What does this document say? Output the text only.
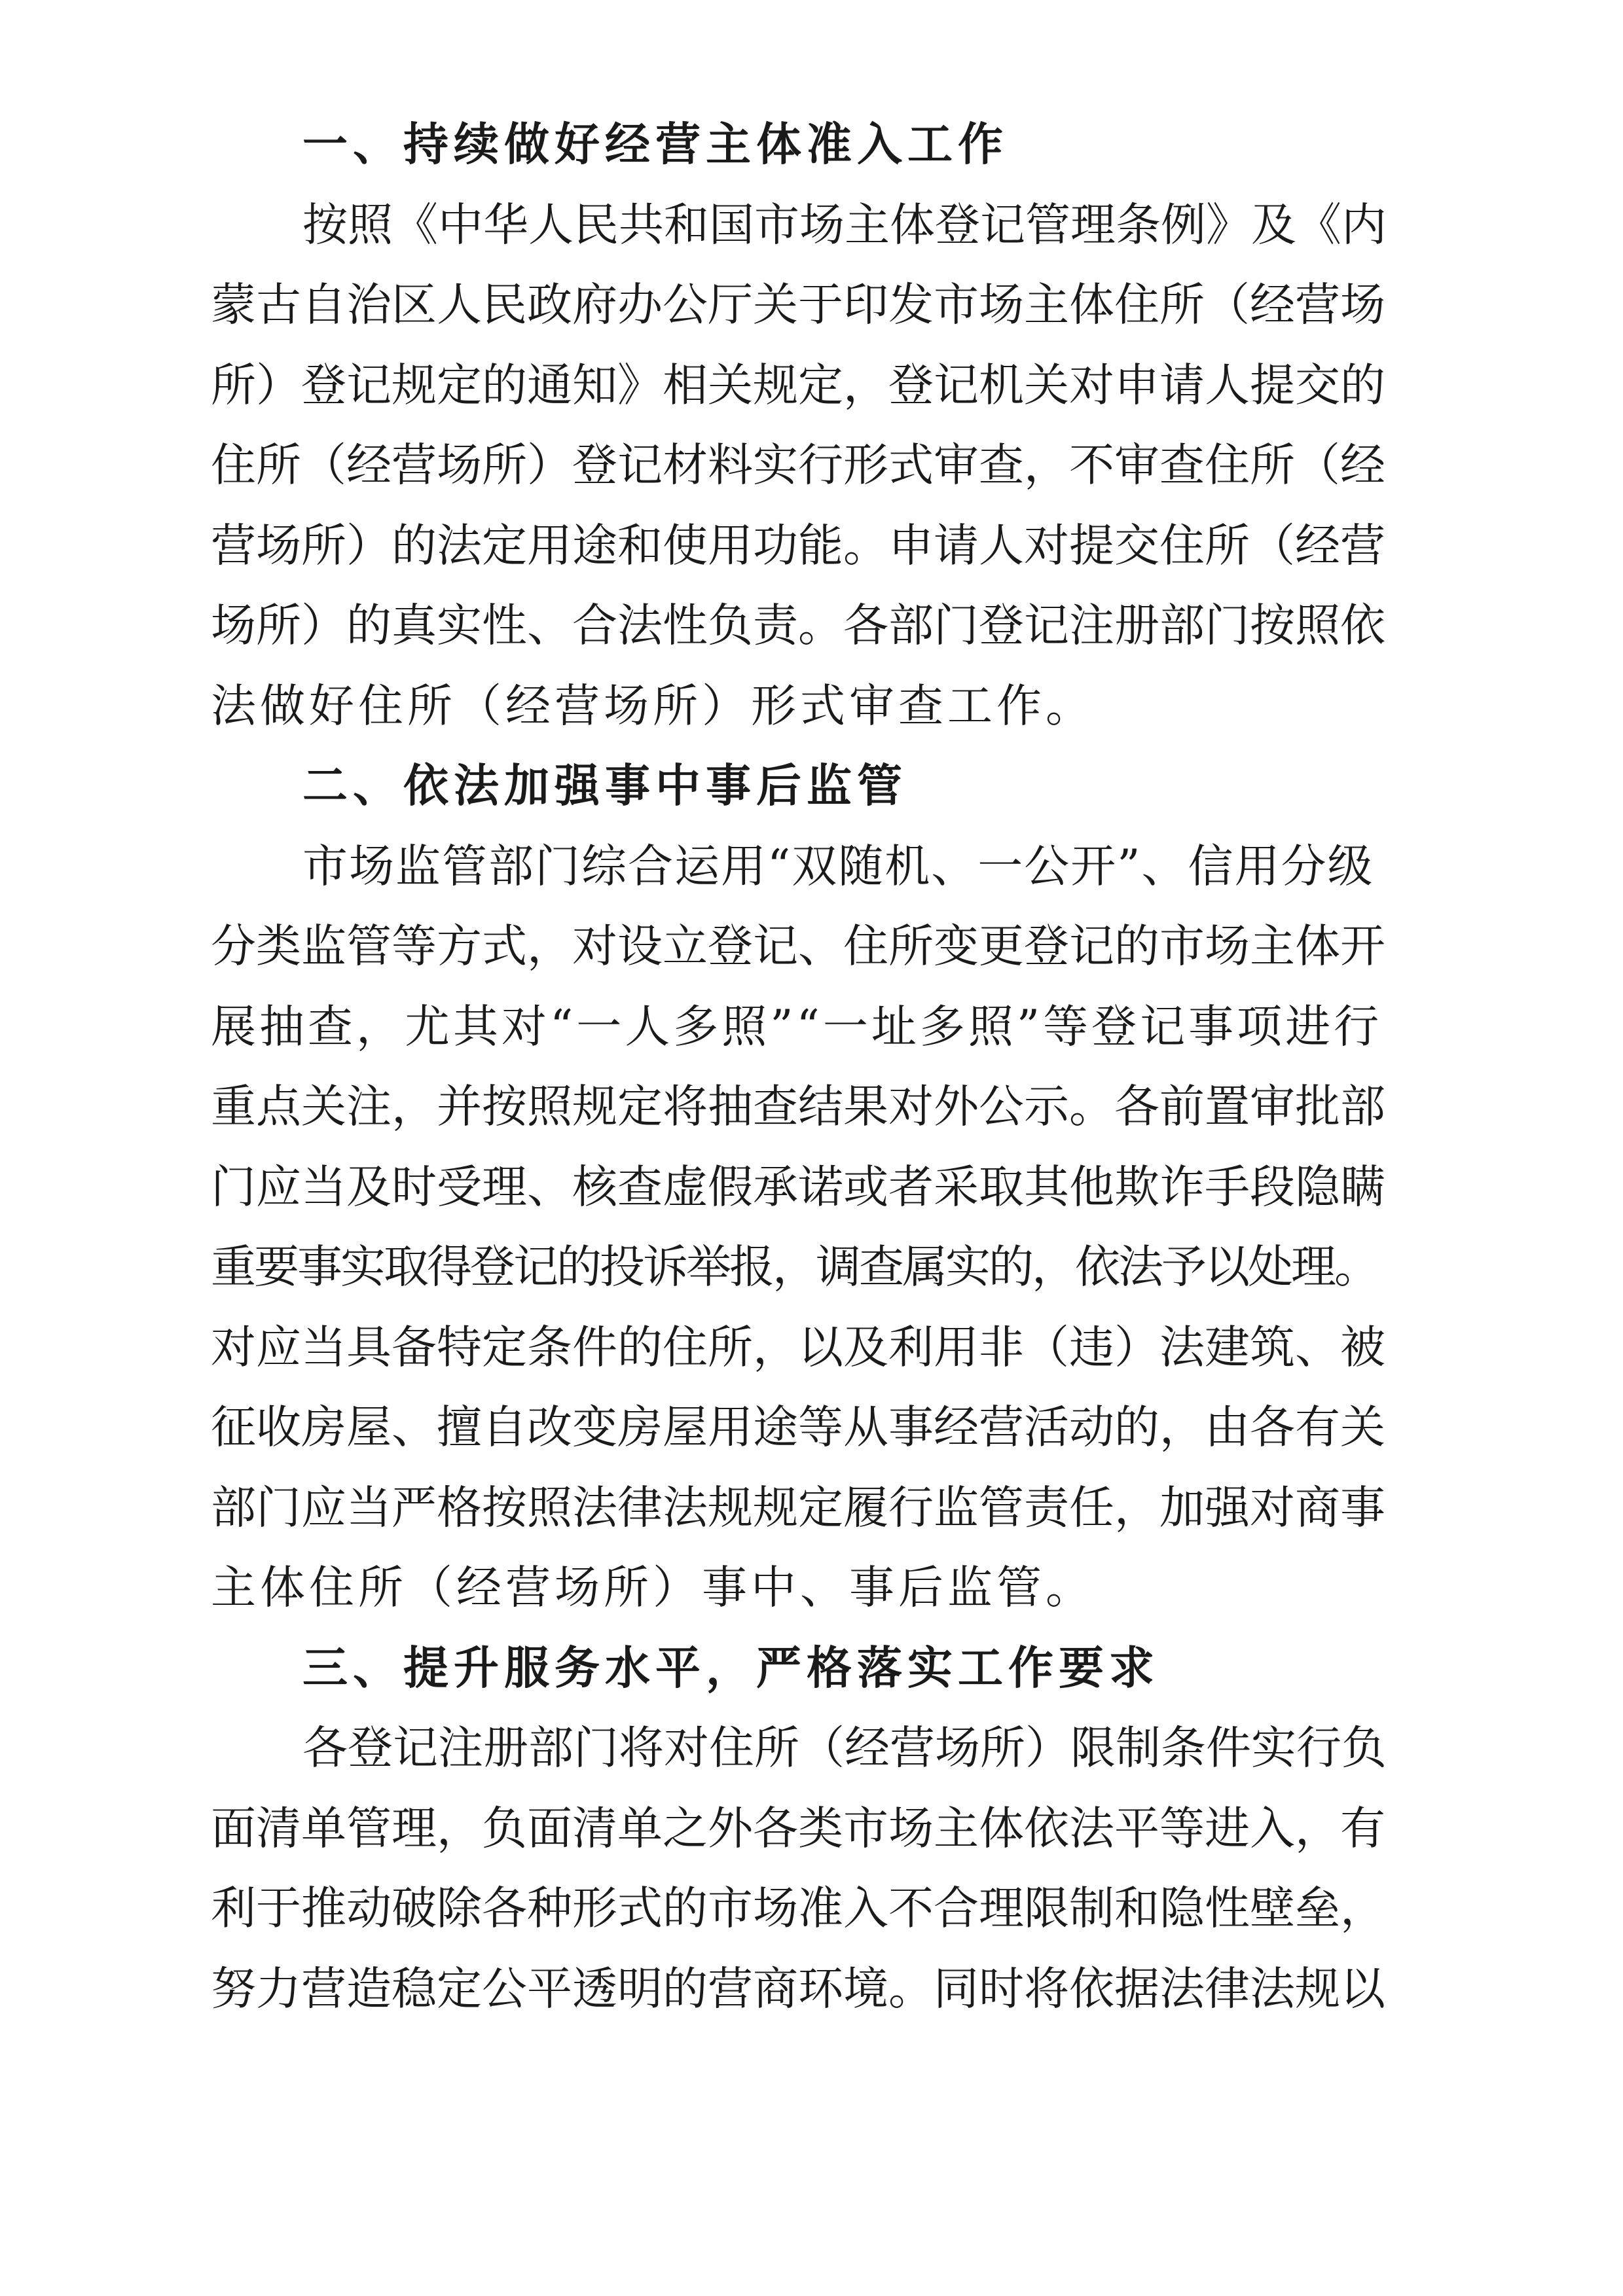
一、持续做好经营主体准入工作
按照《中华人民共和国市场主体登记管理条例》及《内
蒙古自治区人民政府办公厅关于印发市场主体住所（经营场
所）登记规定的通知》相关规定，登记机关对申请人提交的
住所（经营场所）登记材料实行形式审查，不审查住所（经
营场所）的法定用途和使用功能。申请人对提交住所（经营
场所）的真实性、合法性负责。各部门登记注册部门按照依
法做好住所（经营场所）形式审查工作。
二、依法加强事中事后监管
市场监管部门综合运用“双随机、一公开”、信用分级
分类监管等方式，对设立登记、住所变更登记的市场主体开
展抽查，尤其对“一人多照”“一址多照”等登记事项进行
重点关注，并按照规定将抽查结果对外公示。各前置审批部
门应当及时受理、核查虚假承诺或者采取其他欺诈手段隐瞒
重要事实取得登记的投诉举报，调查属实的，依法予以处理。
对应当具备特定条件的住所，以及利用非（违）法建筑、被
征收房屋、擅自改变房屋用途等从事经营活动的，由各有关
部门应当严格按照法律法规规定履行监管责任，加强对商事
主体住所（经营场所）事中、事后监管。
三、提升服务水平，严格落实工作要求
各登记注册部门将对住所（经营场所）限制条件实行负
面清单管理，负面清单之外各类市场主体依法平等进入，有
利于推动破除各种形式的市场准入不合理限制和隐性壁垒，
努力营造稳定公平透明的营商环境。同时将依据法律法规以
